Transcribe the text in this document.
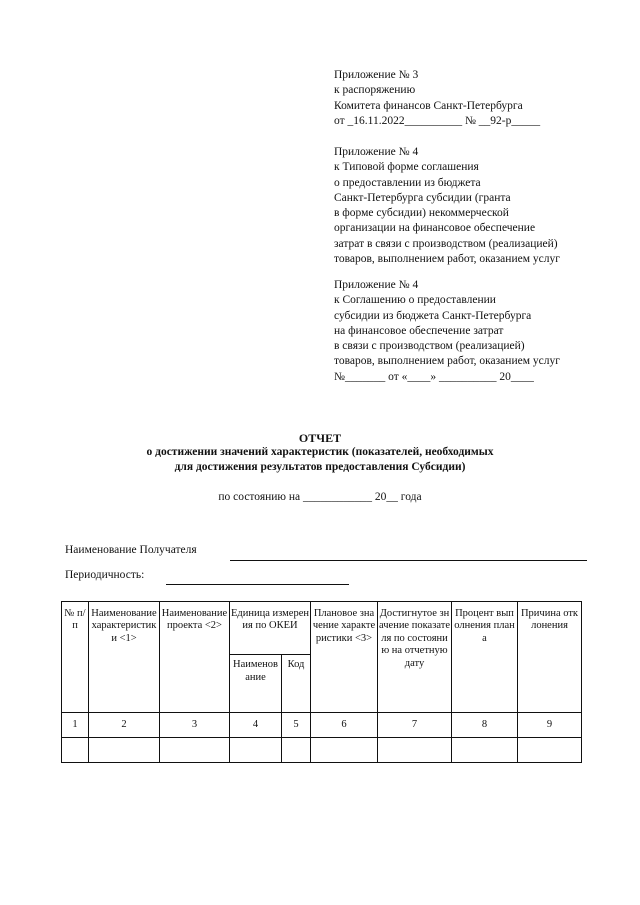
Приложение № 3
к распоряжению
Комитета финансов Санкт-Петербурга
от _16.11.2022__________ № __92-р_____
Приложение № 4
к Типовой форме соглашения
о предоставлении из бюджета
Санкт-Петербурга субсидии (гранта
в форме субсидии) некоммерческой
организации на финансовое обеспечение
затрат в связи с производством (реализацией)
товаров, выполнением работ, оказанием услуг
Приложение № 4
к Соглашению о предоставлении
субсидии из бюджета Санкт-Петербурга
на финансовое обеспечение затрат
в связи с производством (реализацией)
товаров, выполнением работ, оказанием услуг
№_______ от «____» __________ 20____
ОТЧЕТ
о достижении значений характеристик (показателей, необходимых
для достижения результатов предоставления Субсидии)
по состоянию на ____________ 20__ года
Наименование Получателя
Периодичность:
№ п/п	Наименование характеристики <1>	Наименование проекта <2>	Единица измерения по ОКЕИ		Плановое значение характеристики <3>	Достигнутое значение показателя по состоянию на отчетную дату	Процент выполнения плана	Причина отклонения
			Наименование	Код				
1	2	3	4	5	6	7	8	9
